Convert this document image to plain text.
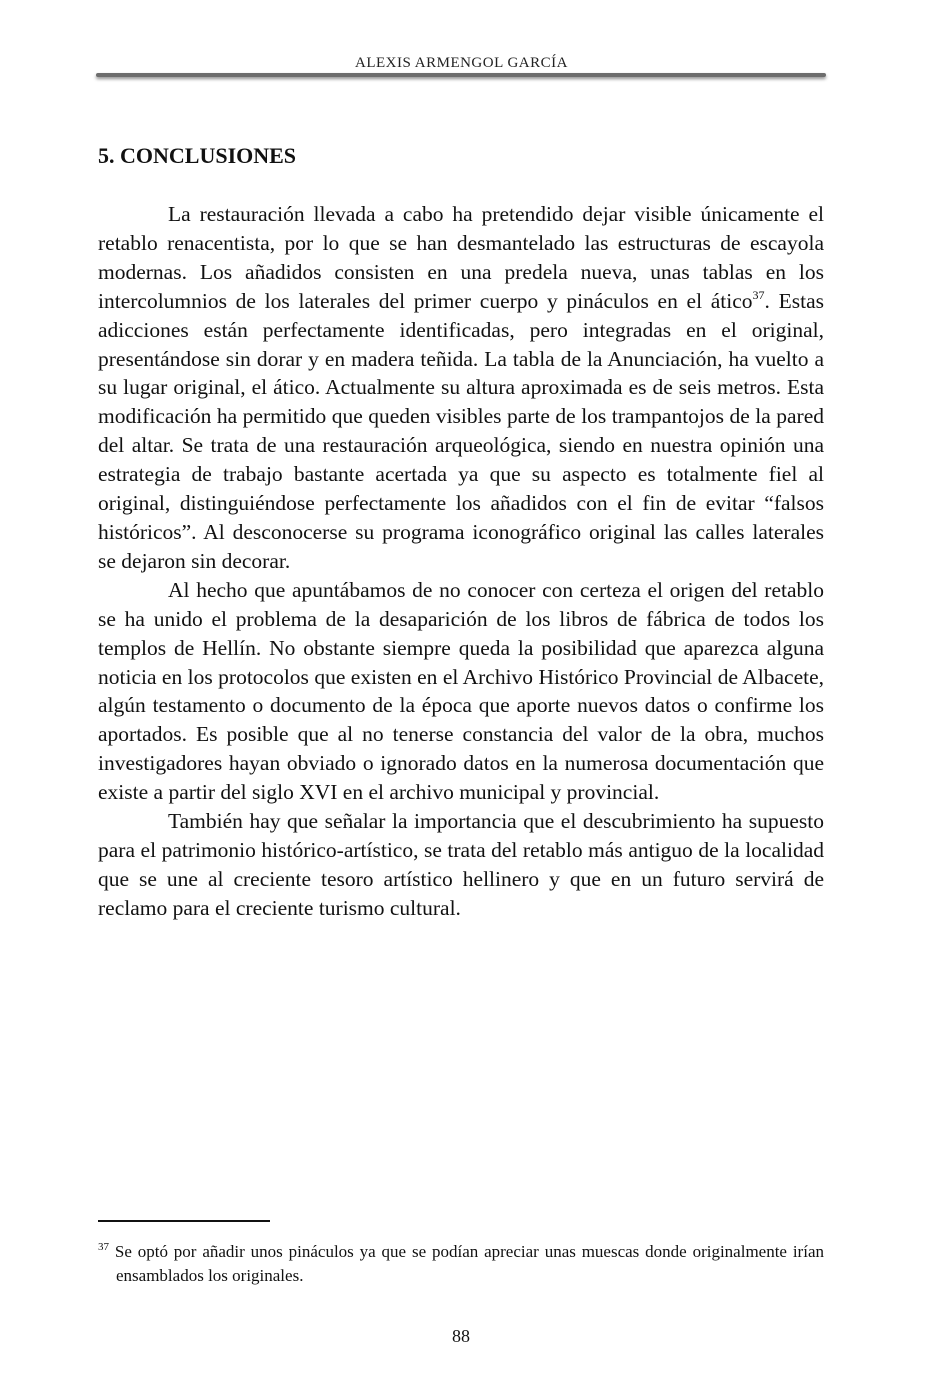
ALEXIS ARMENGOL GARCÍA
5. CONCLUSIONES

La restauración llevada a cabo ha pretendido dejar visible únicamente el retablo renacentista, por lo que se han desmantelado las estructuras de escayola modernas. Los añadidos consisten en una predela nueva, unas tablas en los intercolumnios de los laterales del primer cuerpo y pináculos en el ático$^{37}$. Estas adicciones están perfectamente identificadas, pero integradas en el original, presentándose sin dorar y en madera teñida. La tabla de la Anunciación, ha vuelto a su lugar original, el ático. Actualmente su altura aproximada es de seis metros. Esta modificación ha permitido que queden visibles parte de los trampantojos de la pared del altar. Se trata de una restauración arqueológica, siendo en nuestra opinión una estrategia de trabajo bastante acertada ya que su aspecto es totalmente fiel al original, distinguiéndose perfectamente los añadidos con el fin de evitar “falsos históricos”. Al desconocerse su programa iconográfico original las calles laterales se dejaron sin decorar.

Al hecho que apuntábamos de no conocer con certeza el origen del retablo se ha unido el problema de la desaparición de los libros de fábrica de todos los templos de Hellín. No obstante siempre queda la posibilidad que aparezca alguna noticia en los protocolos que existen en el Archivo Histórico Provincial de Albacete, algún testamento o documento de la época que aporte nuevos datos o confirme los aportados. Es posible que al no tenerse constancia del valor de la obra, muchos investigadores hayan obviado o ignorado datos en la numerosa documentación que existe a partir del siglo XVI en el archivo municipal y provincial.

También hay que señalar la importancia que el descubrimiento ha supuesto para el patrimonio histórico-artístico, se trata del retablo más antiguo de la localidad que se une al creciente tesoro artístico hellinero y que en un futuro servirá de reclamo para el creciente turismo cultural.

$^{37}$ Se optó por añadir unos pináculos ya que se podían apreciar unas muescas donde originalmente irían ensamblados los originales.
88
